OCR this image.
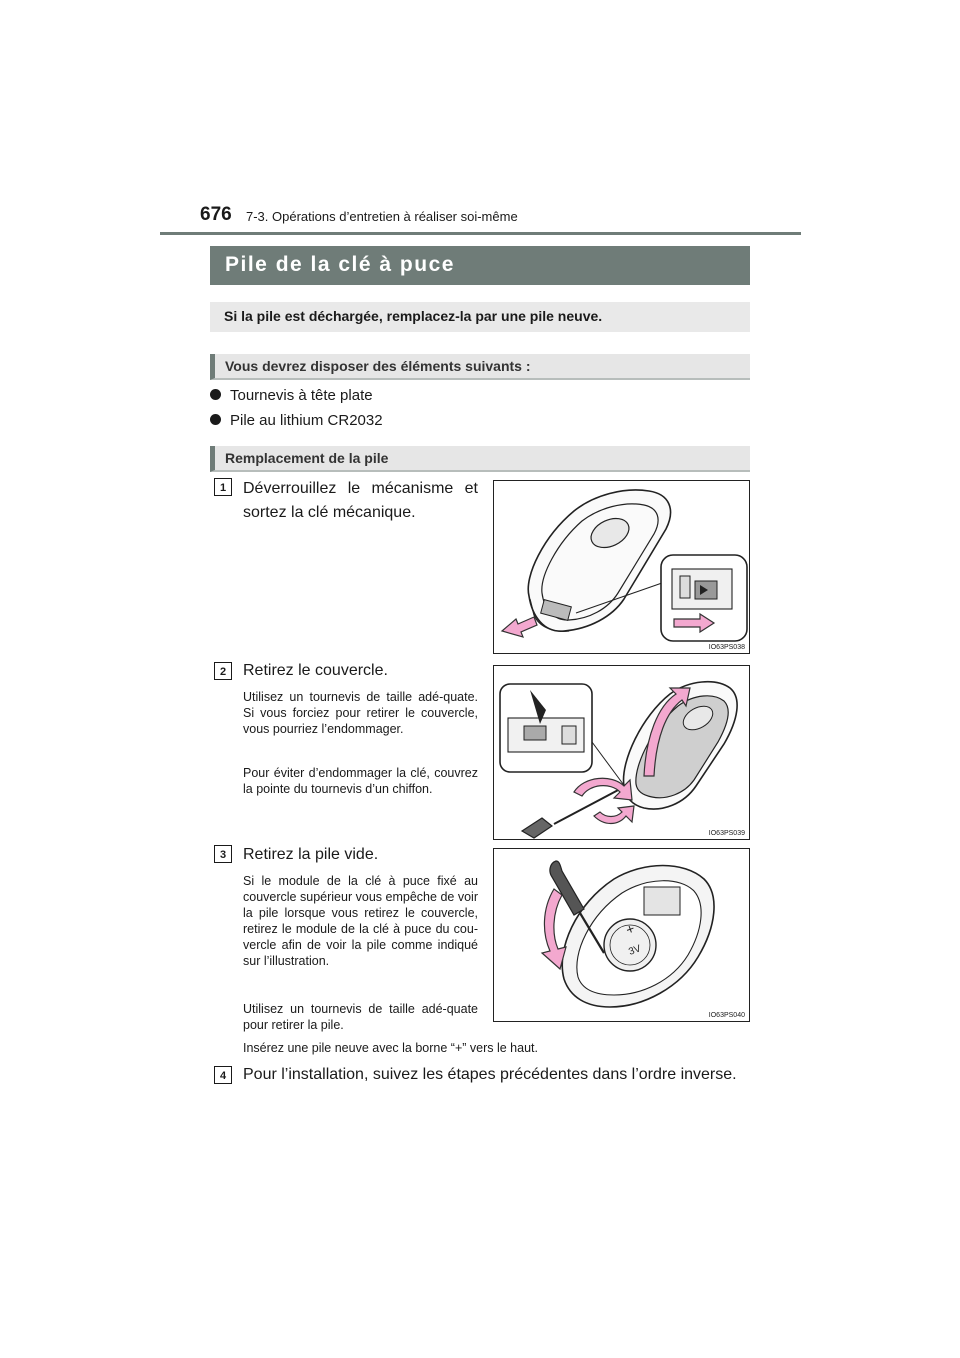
676 7-3. Opérations d’entretien à réaliser soi-même
Pile de la clé à puce
Si la pile est déchargée, remplacez-la par une pile neuve.
Vous devrez disposer des éléments suivants :
Tournevis à tête plate
Pile au lithium CR2032
Remplacement de la pile
1	Déverrouillez le mécanisme et sortez la clé mécanique.
IO63PS038
2	Retirez le couvercle.
Utilisez un tournevis de taille adé-quate. Si vous forciez pour retirer le couvercle, vous pourriez l’endommager.
Pour éviter d’endommager la clé, couvrez la pointe du tournevis d’un chiffon.
IO63PS039
3	Retirez la pile vide.
Si le module de la clé à puce fixé au couvercle supérieur vous empêche de voir la pile lorsque vous retirez le couvercle, retirez le module de la clé à puce du cou-vercle afin de voir la pile comme indiqué sur l’illustration.
Utilisez un tournevis de taille adé-quate pour retirer la pile.
+
3V
IO63PS040
Insérez une pile neuve avec la borne “+” vers le haut.
4	Pour l’installation, suivez les étapes précédentes dans l’ordre inverse.
